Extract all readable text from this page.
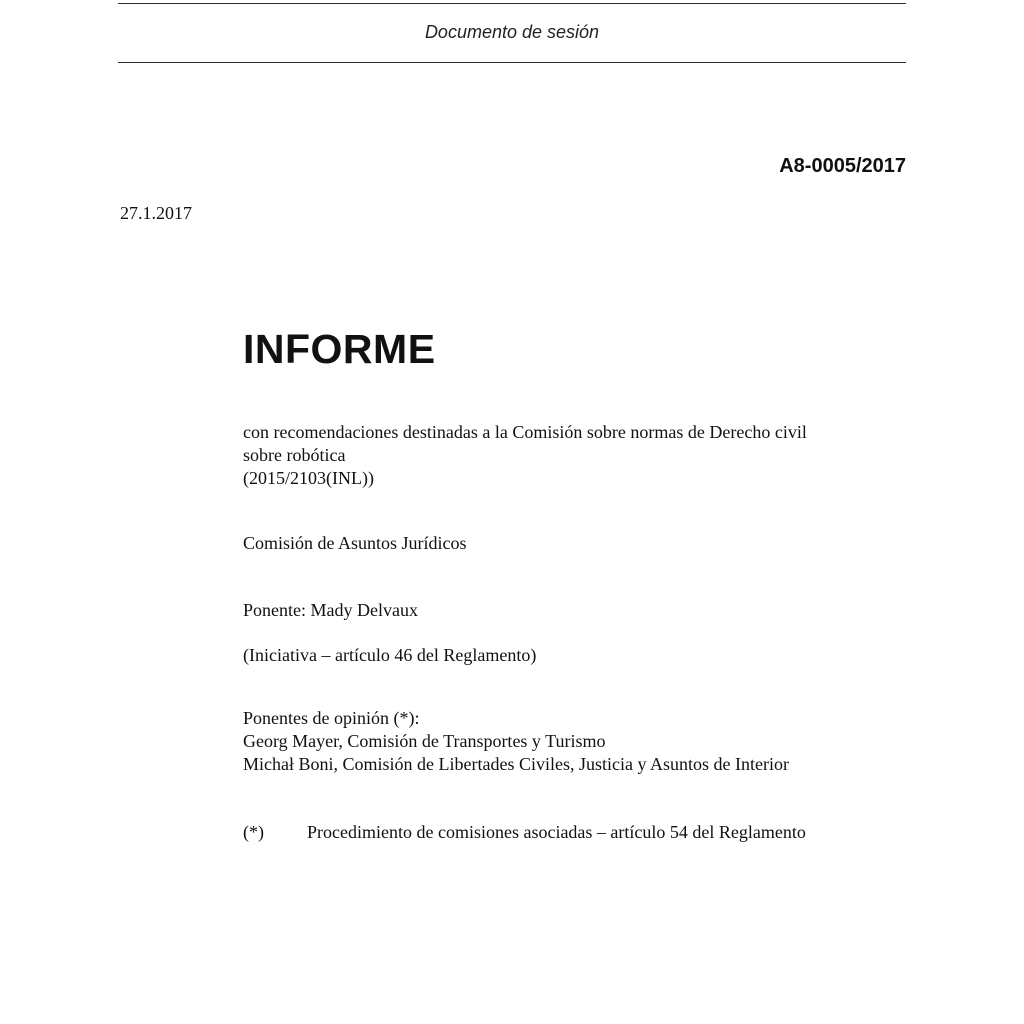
Documento de sesión
A8-0005/2017
27.1.2017
INFORME
con recomendaciones destinadas a la Comisión sobre normas de Derecho civil
sobre robótica
(2015/2103(INL))
Comisión de Asuntos Jurídicos
Ponente: Mady Delvaux
(Iniciativa – artículo 46 del Reglamento)
Ponentes de opinión (*):
Georg Mayer, Comisión de Transportes y Turismo
Michał Boni, Comisión de Libertades Civiles, Justicia y Asuntos de Interior
(*) Procedimiento de comisiones asociadas – artículo 54 del Reglamento
